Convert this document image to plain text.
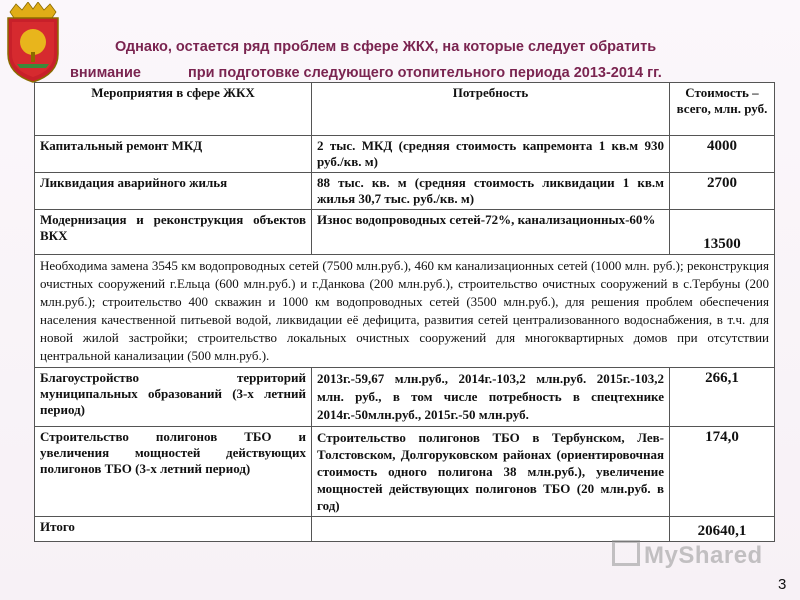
Однако, остается ряд проблем в сфере ЖКХ, на которые следует обратить
внимание	при подготовке следующего отопительного периода 2013-2014 гг.
Мероприятия в сфере ЖКХ	Потребность	Стоимость – всего, млн. руб.
Капитальный ремонт МКД	2 тыс. МКД (средняя стоимость капремонта 1 кв.м 930 руб./кв. м)	4000
Ликвидация аварийного жилья	88 тыс. кв. м (средняя стоимость ликвидации 1 кв.м жилья 30,7 тыс. руб./кв. м)	2700
Модернизация и реконструкция объектов ВКХ	Износ водопроводных сетей-72%, канализационных-60%	13500
Необходима замена 3545 км водопроводных сетей (7500 млн.руб.), 460 км канализационных сетей (1000 млн. руб.); реконструкция очистных сооружений г.Ельца (600 млн.руб.) и г.Данкова (200 млн.руб.), строительство очистных сооружений в с.Тербуны (200 млн.руб.); строительство 400 скважин и 1000 км водопроводных сетей (3500 млн.руб.), для решения проблем обеспечения населения качественной питьевой водой, ликвидации её дефицита, развития сетей централизованного водоснабжения, в т.ч. для новой жилой застройки; строительство локальных очистных сооружений для многоквартирных домов при отсутствии центральной канализации (500 млн.руб.).		
Благоустройство территорий муниципальных образований (3-х летний период)	2013г.-59,67 млн.руб., 2014г.-103,2 млн.руб. 2015г.-103,2 млн. руб., в том числе потребность в спецтехнике 2014г.-50млн.руб., 2015г.-50 млн.руб.	266,1
Строительство полигонов ТБО и увеличения мощностей действующих полигонов ТБО (3-х летний период)	Строительство полигонов ТБО в Тербунском, Лев-Толстовском, Долгоруковском районах (ориентировочная стоимость одного полигона 38 млн.руб.), увеличение мощностей действующих полигонов ТБО (20 млн.руб. в год)	174,0
Итого		20640,1
MyShared
3
